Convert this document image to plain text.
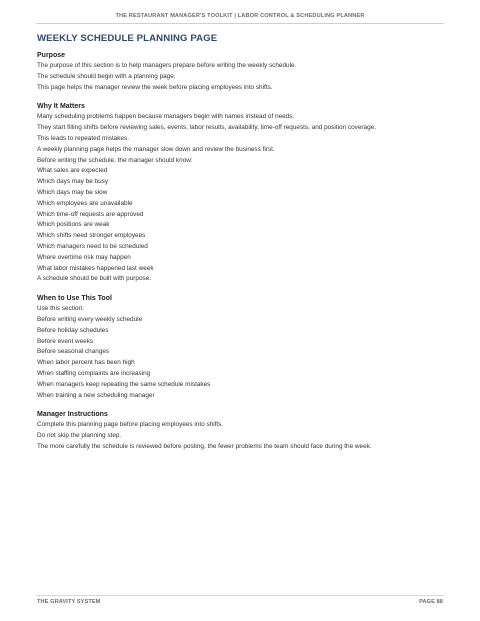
THE RESTAURANT MANAGER'S TOOLKIT | LABOR CONTROL & SCHEDULING PLANNER
WEEKLY SCHEDULE PLANNING PAGE
Purpose

The purpose of this section is to help managers prepare before writing the weekly schedule.

The schedule should begin with a planning page.

This page helps the manager review the week before placing employees into shifts.

Why It Matters

Many scheduling problems happen because managers begin with names instead of needs.

They start filling shifts before reviewing sales, events, labor results, availability, time-off requests, and position coverage.

This leads to repeated mistakes.

A weekly planning page helps the manager slow down and review the business first.

Before writing the schedule, the manager should know:

What sales are expected

Which days may be busy

Which days may be slow

Which employees are unavailable

Which time-off requests are approved

Which positions are weak

Which shifts need stronger employees

Which managers need to be scheduled

Where overtime risk may happen

What labor mistakes happened last week

A schedule should be built with purpose.

When to Use This Tool

Use this section:

Before writing every weekly schedule

Before holiday schedules

Before event weeks

Before seasonal changes

When labor percent has been high

When staffing complaints are increasing

When managers keep repeating the same schedule mistakes

When training a new scheduling manager

Manager Instructions

Complete this planning page before placing employees into shifts.

Do not skip the planning step.

The more carefully the schedule is reviewed before posting, the fewer problems the team should face during the week.

THE GRAVITY SYSTEM	PAGE 88
